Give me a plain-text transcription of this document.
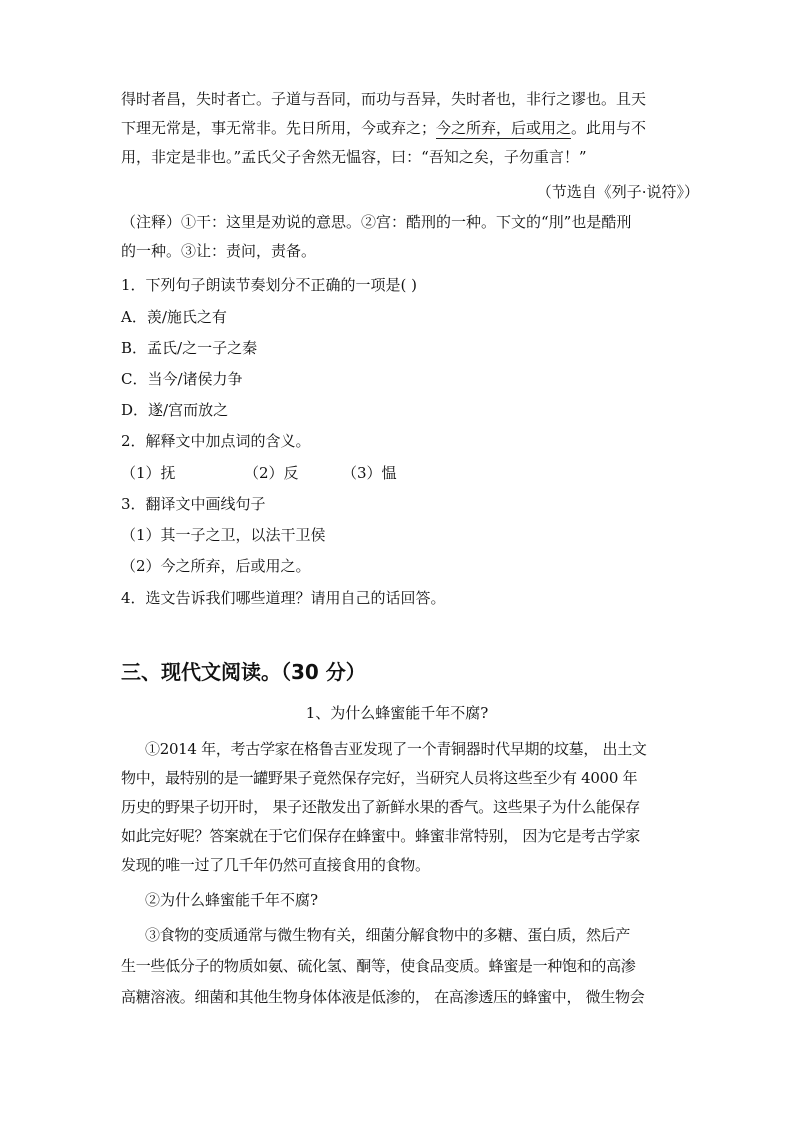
得时者昌，失时者亡。子道与吾同，而功与吾异，失时者也，非行之谬也。且天
下理无常是，事无常非。先日所用，今或弃之；今之所弃，后或用之。此用与不
用，非定是非也。”孟氏父子舍然无愠容，曰：“吾知之矣，子勿重言！”
（节选自《列子·说符》）
（注释）①干：这里是劝说的意思。②宫：酷刑的一种。下文的“刖”也是酷刑
的一种。③让：责问，责备。
1．下列句子朗读节奏划分不正确的一项是( )
A．羡/施氏之有
B．孟氏/之一子之秦
C．当今/诸侯力争
D．遂/宫而放之
2．解释文中加点词的含义。
（1）抚	（2）反	（3）愠
3．翻译文中画线句子
（1）其一子之卫，以法干卫侯
（2）今之所弃，后或用之。
4．选文告诉我们哪些道理？请用自己的话回答。
三、现代文阅读。（30 分）
1、为什么蜂蜜能千年不腐?
①2014 年，考古学家在格鲁吉亚发现了一个青铜器时代早期的坟墓， 出土文
物中，最特别的是一罐野果子竟然保存完好，当研究人员将这些至少有 4000 年
历史的野果子切开时， 果子还散发出了新鲜水果的香气。这些果子为什么能保存
如此完好呢？答案就在于它们保存在蜂蜜中。蜂蜜非常特别， 因为它是考古学家
发现的唯一过了几千年仍然可直接食用的食物。
②为什么蜂蜜能千年不腐?
③食物的变质通常与微生物有关，细菌分解食物中的多糖、蛋白质，然后产
生一些低分子的物质如氨、硫化氢、酮等，使食品变质。蜂蜜是一种饱和的高渗
高糖溶液。细菌和其他生物身体体液是低渗的， 在高渗透压的蜂蜜中， 微生物会
